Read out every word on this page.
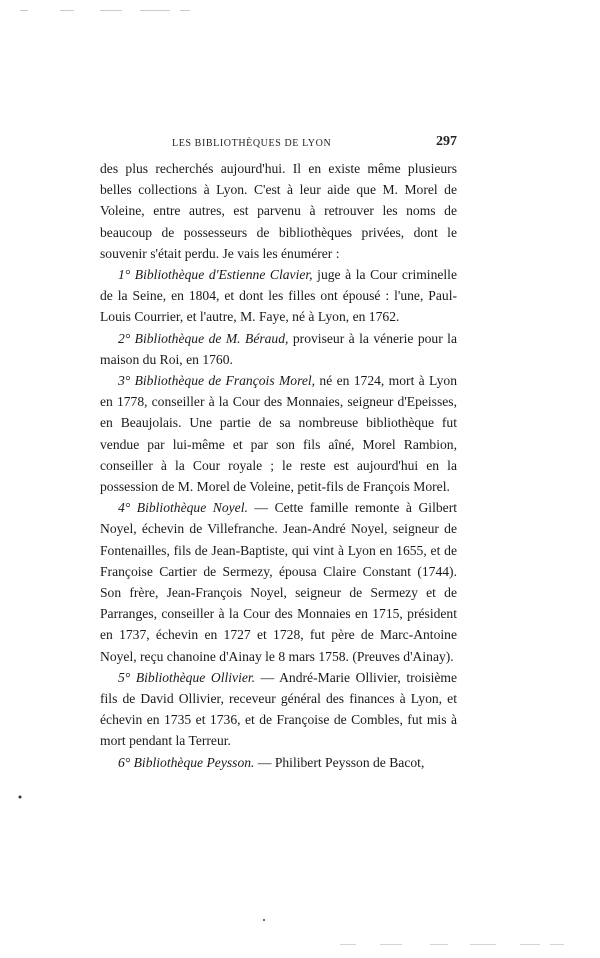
LES BIBLIOTHÈQUES DE LYON	297

des plus recherchés aujourd'hui. Il en existe même plusieurs belles collections à Lyon. C'est à leur aide que M. Morel de Voleine, entre autres, est parvenu à retrouver les noms de beaucoup de possesseurs de bibliothèques privées, dont le souvenir s'était perdu. Je vais les énumérer :

1° Bibliothèque d'Estienne Clavier, juge à la Cour criminelle de la Seine, en 1804, et dont les filles ont épousé : l'une, Paul-Louis Courrier, et l'autre, M. Faye, né à Lyon, en 1762.

2° Bibliothèque de M. Béraud, proviseur à la vénerie pour la maison du Roi, en 1760.

3° Bibliothèque de François Morel, né en 1724, mort à Lyon en 1778, conseiller à la Cour des Monnaies, seigneur d'Epeisses, en Beaujolais. Une partie de sa nombreuse bibliothèque fut vendue par lui-même et par son fils aîné, Morel Rambion, conseiller à la Cour royale ; le reste est aujourd'hui en la possession de M. Morel de Voleine, petit-fils de François Morel.

4° Bibliothèque Noyel. — Cette famille remonte à Gilbert Noyel, échevin de Villefranche. Jean-André Noyel, seigneur de Fontenailles, fils de Jean-Baptiste, qui vint à Lyon en 1655, et de Françoise Cartier de Sermezy, épousa Claire Constant (1744). Son frère, Jean-François Noyel, seigneur de Sermezy et de Parranges, conseiller à la Cour des Monnaies en 1715, président en 1737, échevin en 1727 et 1728, fut père de Marc-Antoine Noyel, reçu chanoine d'Ainay le 8 mars 1758. (Preuves d'Ainay).

5° Bibliothèque Ollivier. — André-Marie Ollivier, troisième fils de David Ollivier, receveur général des finances à Lyon, et échevin en 1735 et 1736, et de Françoise de Combles, fut mis à mort pendant la Terreur.

6° Bibliothèque Peysson. — Philibert Peysson de Bacot,
